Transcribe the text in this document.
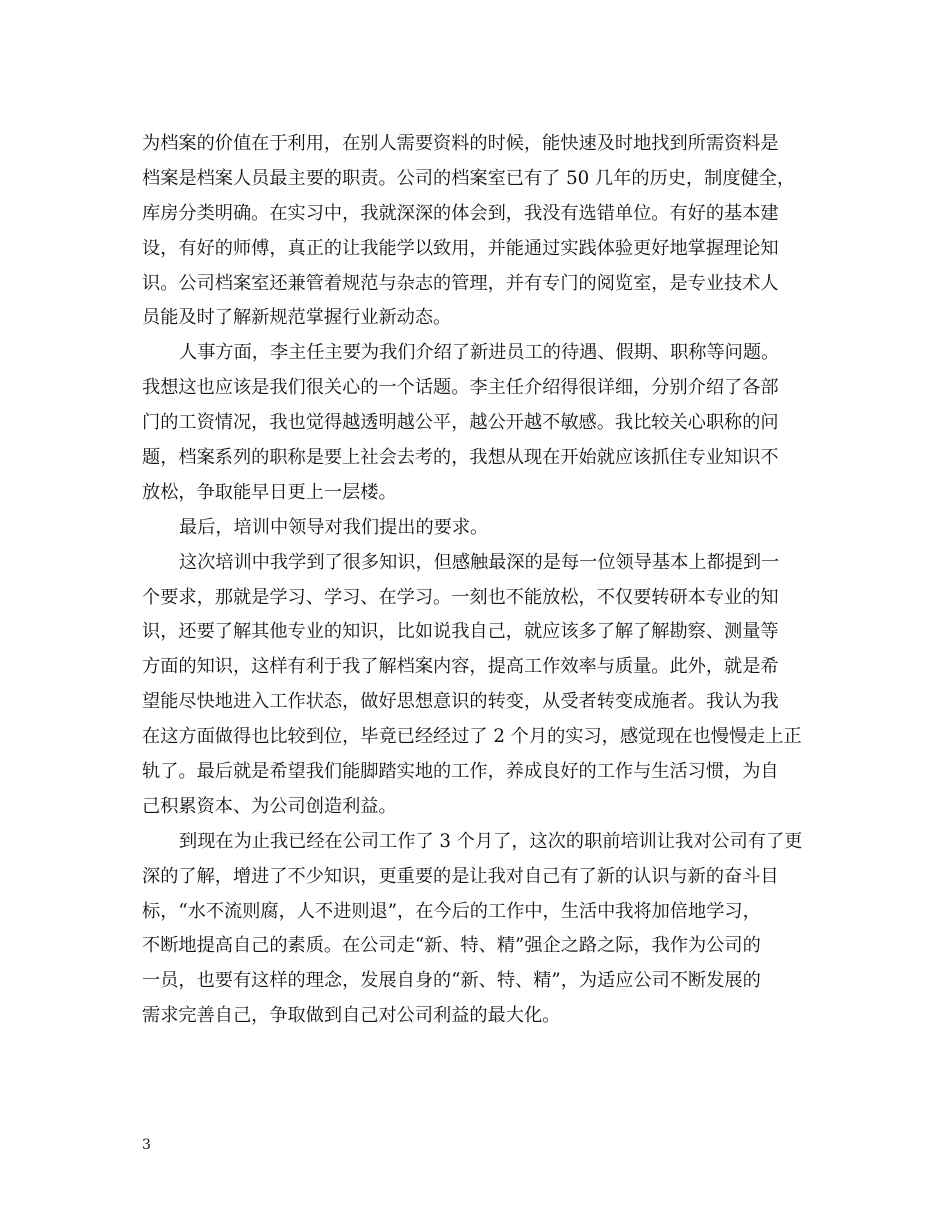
为档案的价值在于利用，在别人需要资料的时候，能快速及时地找到所需资料是
档案是档案人员最主要的职责。公司的档案室已有了 50 几年的历史，制度健全，
库房分类明确。在实习中，我就深深的体会到，我没有选错单位。有好的基本建
设，有好的师傅，真正的让我能学以致用，并能通过实践体验更好地掌握理论知
识。公司档案室还兼管着规范与杂志的管理，并有专门的阅览室，是专业技术人
员能及时了解新规范掌握行业新动态。
人事方面，李主任主要为我们介绍了新进员工的待遇、假期、职称等问题。
我想这也应该是我们很关心的一个话题。李主任介绍得很详细，分别介绍了各部
门的工资情况，我也觉得越透明越公平，越公开越不敏感。我比较关心职称的问
题，档案系列的职称是要上社会去考的，我想从现在开始就应该抓住专业知识不
放松，争取能早日更上一层楼。
最后，培训中领导对我们提出的要求。
这次培训中我学到了很多知识，但感触最深的是每一位领导基本上都提到一
个要求，那就是学习、学习、在学习。一刻也不能放松，不仅要转研本专业的知
识，还要了解其他专业的知识，比如说我自己，就应该多了解了解勘察、测量等
方面的知识，这样有利于我了解档案内容，提高工作效率与质量。此外，就是希
望能尽快地进入工作状态，做好思想意识的转变，从受者转变成施者。我认为我
在这方面做得也比较到位，毕竟已经经过了 2 个月的实习，感觉现在也慢慢走上正
轨了。最后就是希望我们能脚踏实地的工作，养成良好的工作与生活习惯，为自
己积累资本、为公司创造利益。
到现在为止我已经在公司工作了 3 个月了，这次的职前培训让我对公司有了更
深的了解，增进了不少知识，更重要的是让我对自己有了新的认识与新的奋斗目
标，“水不流则腐，人不进则退”，在今后的工作中，生活中我将加倍地学习，
不断地提高自己的素质。在公司走“新、特、精”强企之路之际，我作为公司的
一员，也要有这样的理念，发展自身的“新、特、精”，为适应公司不断发展的
需求完善自己，争取做到自己对公司利益的最大化。
3
